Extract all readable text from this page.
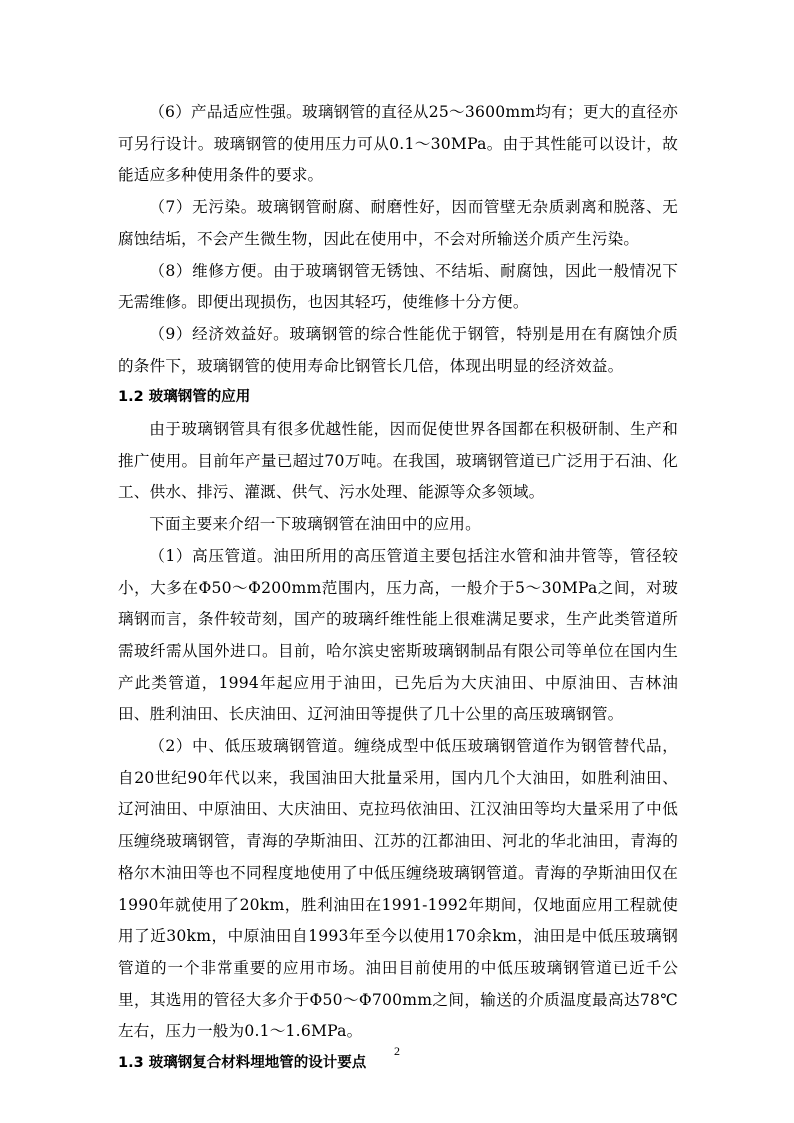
（6）产品适应性强。玻璃钢管的直径从25～3600mm均有；更大的直径亦可另行设计。玻璃钢管的使用压力可从0.1～30MPa。由于其性能可以设计，故能适应多种使用条件的要求。

（7）无污染。玻璃钢管耐腐、耐磨性好，因而管壁无杂质剥离和脱落、无腐蚀结垢，不会产生微生物，因此在使用中，不会对所输送介质产生污染。

（8）维修方便。由于玻璃钢管无锈蚀、不结垢、耐腐蚀，因此一般情况下无需维修。即便出现损伤，也因其轻巧，使维修十分方便。

（9）经济效益好。玻璃钢管的综合性能优于钢管，特别是用在有腐蚀介质的条件下，玻璃钢管的使用寿命比钢管长几倍，体现出明显的经济效益。

1.2 玻璃钢管的应用

由于玻璃钢管具有很多优越性能，因而促使世界各国都在积极研制、生产和推广使用。目前年产量已超过70万吨。在我国，玻璃钢管道已广泛用于石油、化工、供水、排污、灌溉、供气、污水处理、能源等众多领域。

下面主要来介绍一下玻璃钢管在油田中的应用。

（1）高压管道。油田所用的高压管道主要包括注水管和油井管等，管径较小，大多在Φ50～Φ200mm范围内，压力高，一般介于5～30MPa之间，对玻璃钢而言，条件较苛刻，国产的玻璃纤维性能上很难满足要求，生产此类管道所需玻纤需从国外进口。目前，哈尔滨史密斯玻璃钢制品有限公司等单位在国内生产此类管道，1994年起应用于油田，已先后为大庆油田、中原油田、吉林油田、胜利油田、长庆油田、辽河油田等提供了几十公里的高压玻璃钢管。

（2）中、低压玻璃钢管道。缠绕成型中低压玻璃钢管道作为钢管替代品，自20世纪90年代以来，我国油田大批量采用，国内几个大油田，如胜利油田、辽河油田、中原油田、大庆油田、克拉玛依油田、江汉油田等均大量采用了中低压缠绕玻璃钢管，青海的孕斯油田、江苏的江都油田、河北的华北油田，青海的格尔木油田等也不同程度地使用了中低压缠绕玻璃钢管道。青海的孕斯油田仅在1990年就使用了20km，胜利油田在1991-1992年期间，仅地面应用工程就使用了近30km，中原油田自1993年至今以使用170余km，油田是中低压玻璃钢管道的一个非常重要的应用市场。油田目前使用的中低压玻璃钢管道已近千公里，其选用的管径大多介于Φ50～Φ700mm之间，输送的介质温度最高达78℃左右，压力一般为0.1～1.6MPa。

1.3 玻璃钢复合材料埋地管的设计要点

2
